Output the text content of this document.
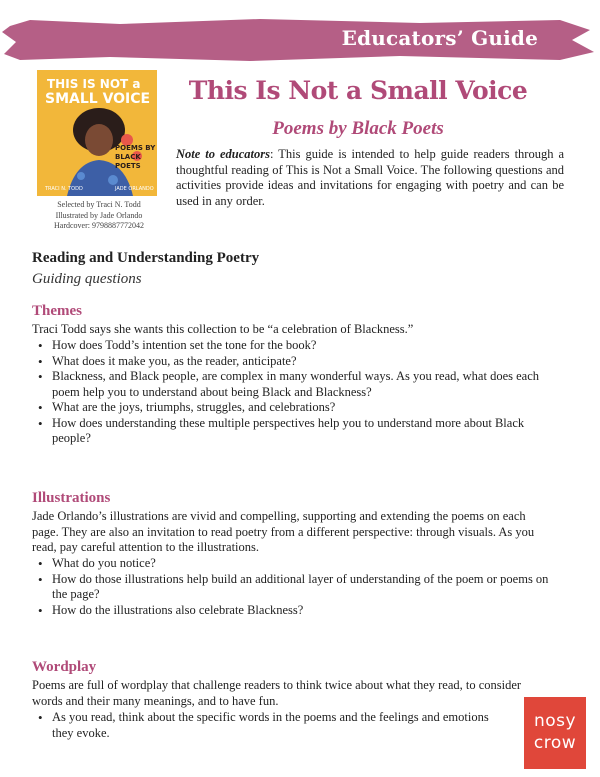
Educators’ Guide
THIS IS NOT a
SMALL VOICE
POEMS BY
BLACK
POETS
TRACI N. TODD	JADE ORLANDO
Selected by Traci N. Todd
Illustrated by Jade Orlando
Hardcover: 9798887772042
This Is Not a Small Voice
Poems by Black Poets
Note to educators: This guide is intended to help guide readers through a thoughtful reading of This is Not a Small Voice. The following questions and activities provide ideas and invitations for engaging with poetry and can be used in any order.
Reading and Understanding Poetry
Guiding questions
Themes
Traci Todd says she wants this collection to be “a celebration of Blackness.”
• How does Todd’s intention set the tone for the book?
• What does it make you, as the reader, anticipate?
• Blackness, and Black people, are complex in many wonderful ways. As you read, what does each poem help you to understand about being Black and Blackness?
• What are the joys, triumphs, struggles, and celebrations?
• How does understanding these multiple perspectives help you to understand more about Black people?
Illustrations
Jade Orlando’s illustrations are vivid and compelling, supporting and extending the poems on each page. They are also an invitation to read poetry from a different perspective: through visuals. As you read, pay careful attention to the illustrations.
• What do you notice?
• How do those illustrations help build an additional layer of understanding of the poem or poems on the page?
• How do the illustrations also celebrate Blackness?
Wordplay
Poems are full of wordplay that challenge readers to think twice about what they read, to consider words and their many meanings, and to have fun.
• As you read, think about the specific words in the poems and the feelings and emotions they evoke.
nosy
crow
